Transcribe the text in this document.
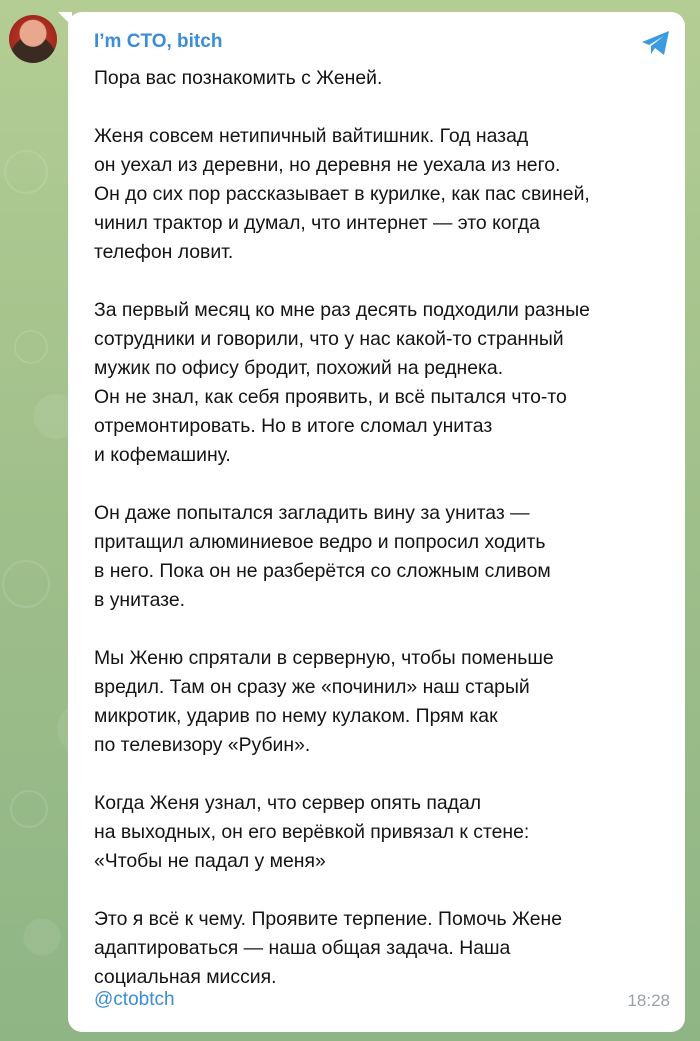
I’m CTO, bitch
Пора вас познакомить с Женей.
Женя совсем нетипичный вайтишник. Год назад
он уехал из деревни, но деревня не уехала из него.
Он до сих пор рассказывает в курилке, как пас свиней,
чинил трактор и думал, что интернет — это когда
телефон ловит.
За первый месяц ко мне раз десять подходили разные
сотрудники и говорили, что у нас какой-то странный
мужик по офису бродит, похожий на реднека.
Он не знал, как себя проявить, и всё пытался что-то
отремонтировать. Но в итоге сломал унитаз
и кофемашину.
Он даже попытался загладить вину за унитаз —
притащил алюминиевое ведро и попросил ходить
в него. Пока он не разберётся со сложным сливом
в унитазе.
Мы Женю спрятали в серверную, чтобы поменьше
вредил. Там он сразу же «починил» наш старый
микротик, ударив по нему кулаком. Прям как
по телевизору «Рубин».
Когда Женя узнал, что сервер опять падал
на выходных, он его верёвкой привязал к стене:
«Чтобы не падал у меня»
Это я всё к чему. Проявите терпение. Помочь Жене
адаптироваться — наша общая задача. Наша
социальная миссия.
@ctobtch	18:28
